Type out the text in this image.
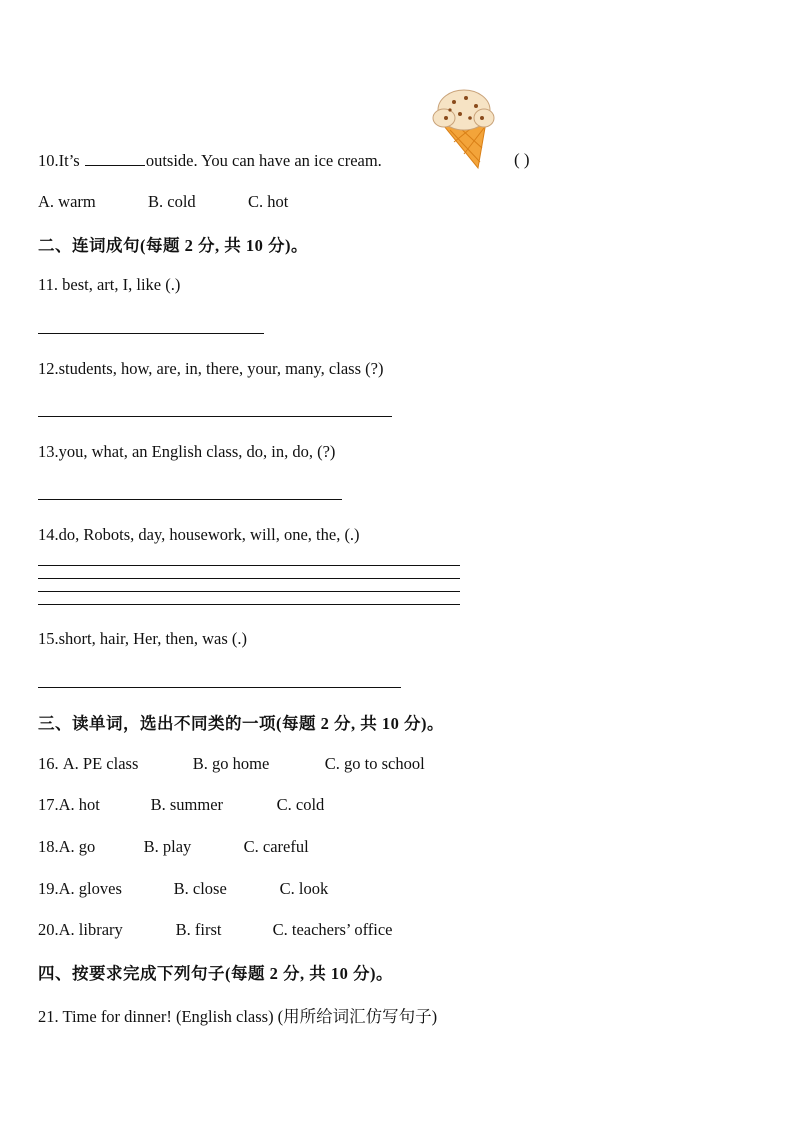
10.It’s	outside. You can have an ice cream.	( )
A. warm	B. cold	C. hot
二、连词成句(每题 2 分, 共 10 分)。
11. best, art, I, like (.)
12.students, how, are, in, there, your, many, class (?)
13.you, what, an English class, do, in, do, (?)
14.do, Robots, day, housework, will, one, the, (.)
15.short, hair, Her, then, was (.)
三、读单词，选出不同类的一项(每题 2 分, 共 10 分)。
16. A. PE class	B. go home	C. go to school
17.A. hot	B. summer	C. cold
18.A. go	B. play	C. careful
19.A. gloves	B. close	C. look
20.A. library	B. first	C. teachers’ office
四、按要求完成下列句子(每题 2 分, 共 10 分)。
21. Time for dinner! (English class) (用所给词汇仿写句子)
